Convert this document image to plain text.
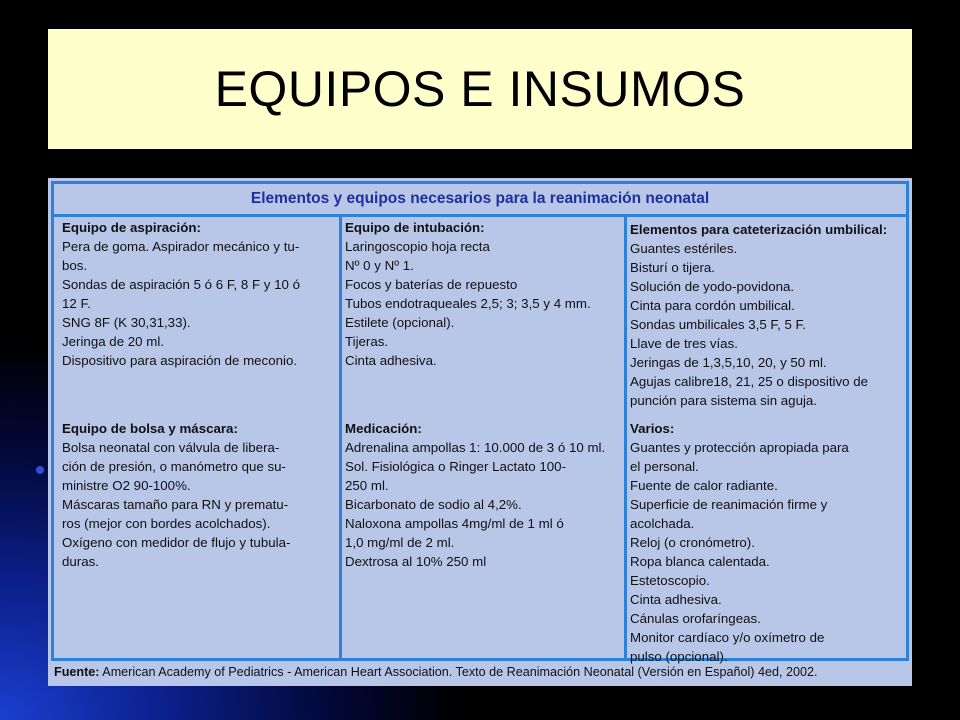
EQUIPOS E INSUMOS
Elementos y equipos necesarios para la reanimación neonatal
Equipo de aspiración:
Pera de goma. Aspirador mecánico y tu-
bos.
Sondas de aspiración 5 ó 6 F, 8 F y 10 ó
12 F.
SNG 8F (K 30,31,33).
Jeringa de 20 ml.
Dispositivo para aspiración de meconio.
Equipo de intubación:
Laringoscopio hoja recta
Nº 0 y Nº 1.
Focos y baterías de repuesto
Tubos endotraqueales 2,5; 3; 3,5 y 4 mm.
Estilete (opcional).
Tijeras.
Cinta adhesiva.
Elementos para cateterización umbilical:
Guantes estériles.
Bisturí o tijera.
Solución de yodo-povidona.
Cinta para cordón umbilical.
Sondas umbilicales 3,5 F, 5 F.
Llave de tres vías.
Jeringas de 1,3,5,10, 20, y 50 ml.
Agujas calibre18, 21, 25 o dispositivo de
punción para sistema sin aguja.
Equipo de bolsa y máscara:
Bolsa neonatal con válvula de libera-
ción de presión, o manómetro que su-
ministre O2 90-100%.
Máscaras tamaño para RN y prematu-
ros (mejor con bordes acolchados).
Oxígeno con medidor de flujo y tubula-
duras.
Medicación:
Adrenalina ampollas 1: 10.000 de 3 ó 10 ml.
Sol. Fisiológica o Ringer Lactato 100-
250 ml.
Bicarbonato de sodio al 4,2%.
Naloxona ampollas 4mg/ml de 1 ml ó
1,0 mg/ml de 2 ml.
Dextrosa al 10% 250 ml
Varios:
Guantes y protección apropiada para
el personal.
Fuente de calor radiante.
Superficie de reanimación firme y
acolchada.
Reloj (o cronómetro).
Ropa blanca calentada.
Estetoscopio.
Cinta adhesiva.
Cánulas orofaríngeas.
Monitor cardíaco y/o oxímetro de
pulso (opcional).
Fuente: American Academy of Pediatrics - American Heart Association. Texto de Reanimación Neonatal (Versión en Español) 4ed, 2002.
